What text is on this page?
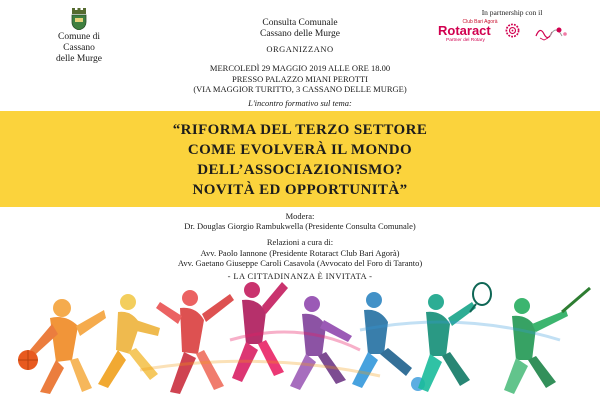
Comune di Cassano
delle Murge
Consulta Comunale
Cassano delle Murge
In partnership con il
Club Bari Agorà
Rotaract
Partner del Rotary
ORGANIZZANO
MERCOLEDÌ 29 MAGGIO 2019 ALLE ORE 18.00
PRESSO PALAZZO MIANI PEROTTI
(VIA MAGGIOR TURITTO, 3 CASSANO DELLE MURGE)
L'incontro formativo sul tema:
“RIFORMA DEL TERZO SETTORE
COME EVOLVERÀ IL MONDO
DELL’ASSOCIAZIONISMO?
NOVITÀ ED OPPORTUNITÀ”
Modera:
Dr. Douglas Giorgio Rambukwella (Presidente Consulta Comunale)
Relazioni a cura di:
Avv. Paolo Iannone (Presidente Rotaract Club Bari Agorà)
Avv. Gaetano Giuseppe Caroli Casavola (Avvocato del Foro di Taranto)
- LA CITTADINANZA È INVITATA -
